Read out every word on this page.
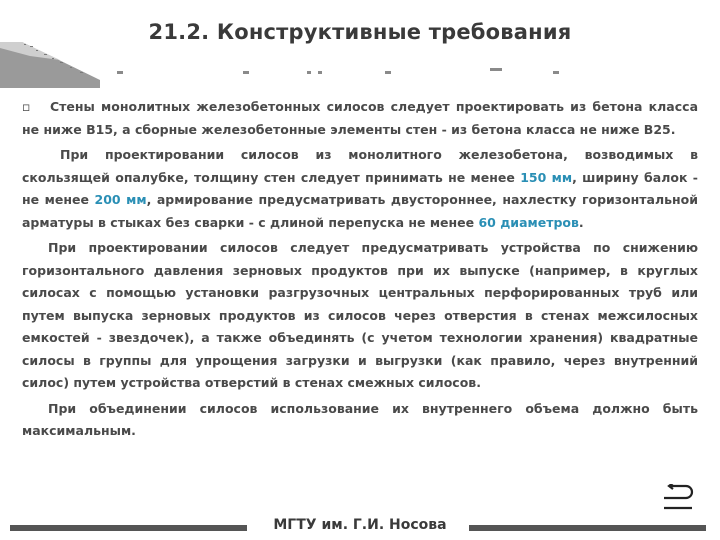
21.2. Конструктивные требования

▫ Стены монолитных железобетонных силосов следует проектировать из бетона класса не ниже В15, а сборные железобетонные элементы стен - из бетона класса не ниже В25.

При проектировании силосов из монолитного железобетона, возводимых в скользящей опалубке, толщину стен следует принимать не менее 150 мм, ширину балок - не менее 200 мм, армирование предусматривать двустороннее, нахлестку горизонтальной арматуры в стыках без сварки - с длиной перепуска не менее 60 диаметров.

При проектировании силосов следует предусматривать устройства по снижению горизонтального давления зерновых продуктов при их выпуске (например, в круглых силосах с помощью установки разгрузочных центральных перфорированных труб или путем выпуска зерновых продуктов из силосов через отверстия в стенах межсилосных емкостей - звездочек), а также объединять (с учетом технологии хранения) квадратные силосы в группы для упрощения загрузки и выгрузки (как правило, через внутренний силос) путем устройства отверстий в стенах смежных силосов.

При объединении силосов использование их внутреннего объема должно быть максимальным.

МГТУ им. Г.И. Носова
